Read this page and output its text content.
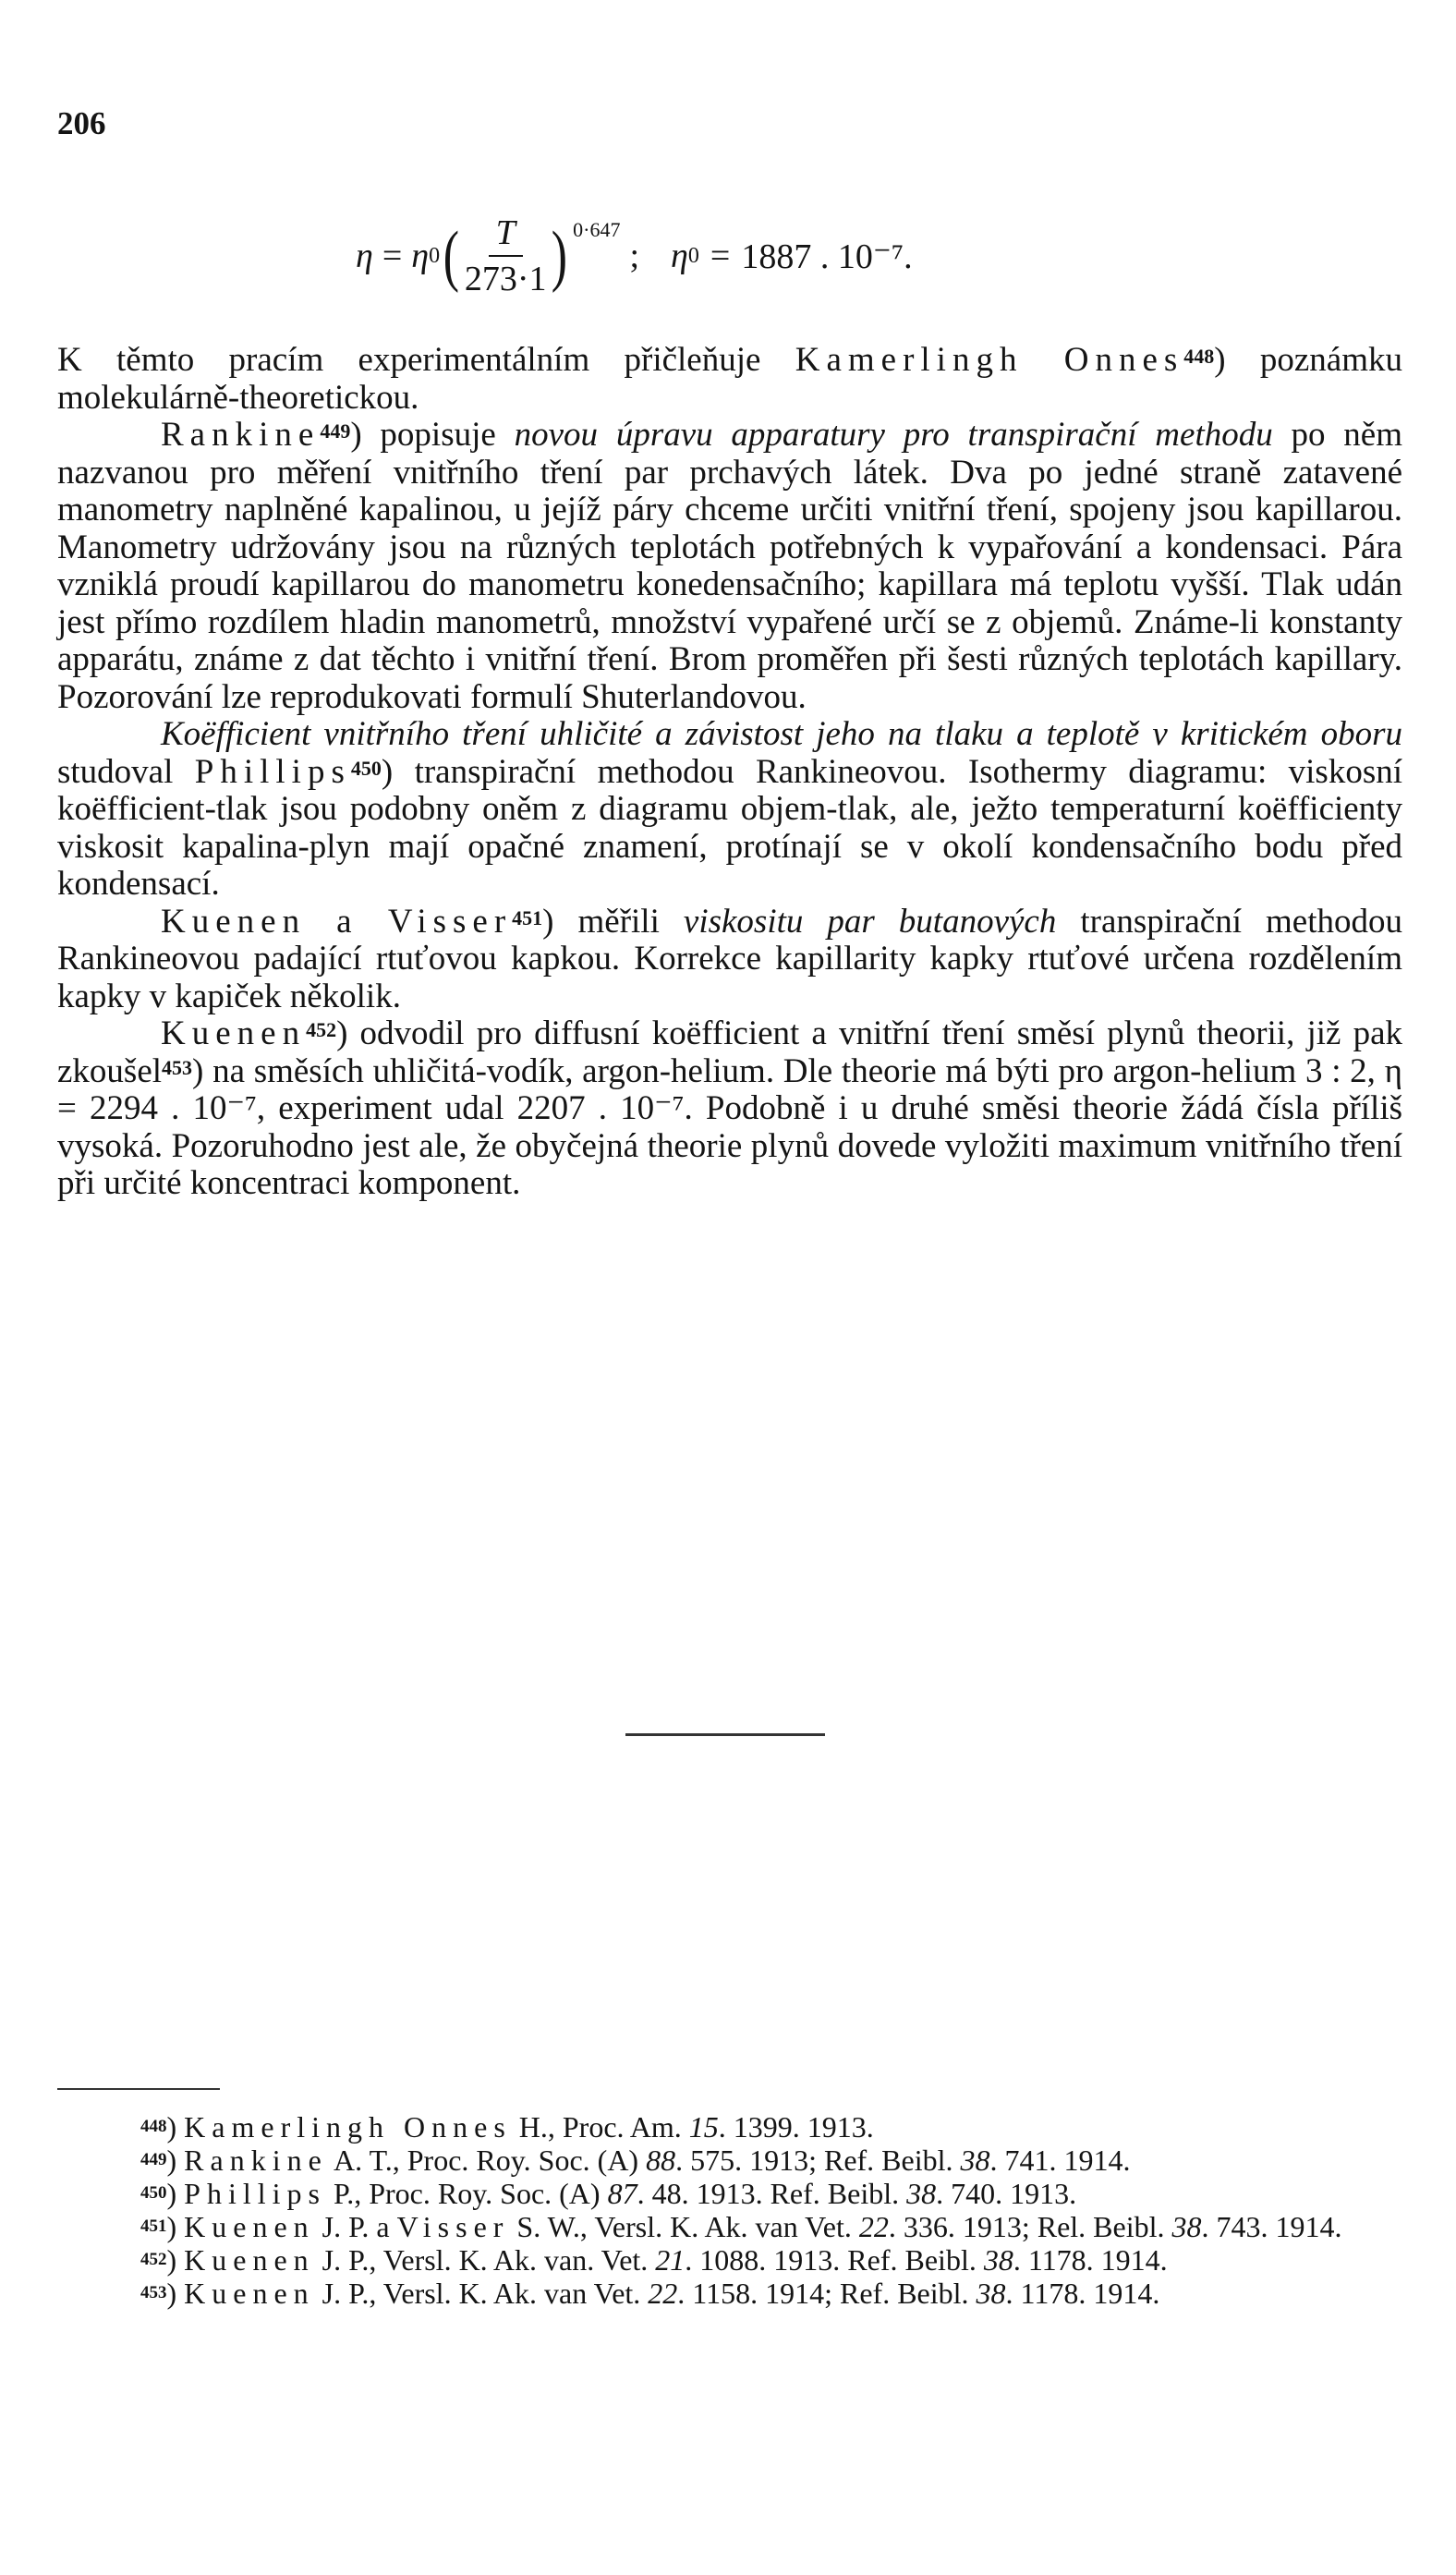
206
η = η 0 ( $\frac{T}{273\cdot 1}$ ) 0·647
; η 0 = 1887 . 10⁻⁷.

K těmto pracím experimentálním přičleňuje Kamerlingh Onnes$^{448}$) poznámku molekulárně-theoretickou.

Rankine$^{449}$) popisuje novou úpravu apparatury pro transpirační methodu po něm nazvanou pro měření vnitřního tření par prchavých látek. Dva po jedné straně zatavené manometry naplněné kapalinou, u jejíž páry chceme určiti vnitřní tření, spojeny jsou kapillarou. Manometry udržovány jsou na různých teplotách potřebných k vypařování a kondensaci. Pára vzniklá proudí kapillarou do manometru konedensačního; kapillara má teplotu vyšší. Tlak udán jest přímo rozdílem hladin manometrů, množství vypařené určí se z objemů. Známe-li konstanty apparátu, známe z dat těchto i vnitřní tření. Brom proměřen při šesti různých teplotách kapillary. Pozorování lze reprodukovati formulí Shuterlandovou.

Koëfficient vnitřního tření uhličité a závistost jeho na tlaku a teplotě v kritickém oboru studoval Phillips$^{450}$) transpirační methodou Rankineovou. Isothermy diagramu: viskosní koëfficient-tlak jsou podobny oněm z diagramu objem-tlak, ale, ježto temperaturní koëfficienty viskosit kapalina-plyn mají opačné znamení, protínají se v okolí kondensačního bodu před kondensací.

Kuenen a Visser$^{451}$) měřili viskositu par butanových transpirační methodou Rankineovou padající rtuťovou kapkou. Korrekce kapillarity kapky rtuťové určena rozdělením kapky v kapiček několik.

Kuenen$^{452}$) odvodil pro diffusní koëfficient a vnitřní tření směsí plynů theorii, již pak zkoušel$^{453}$) na směsích uhličitá-vodík, argon-helium. Dle theorie má býti pro argon-helium 3 : 2, η = 2294 . 10⁻⁷, experiment udal 2207 . 10⁻⁷. Podobně i u druhé směsi theorie žádá čísla příliš vysoká. Pozoruhodno jest ale, že obyčejná theorie plynů dovede vyložiti maximum vnitřního tření při určité koncentraci komponent.

$^{448}$) Kamerlingh Onnes H., Proc. Am. 15. 1399. 1913.

$^{449}$) Rankine A. T., Proc. Roy. Soc. (A) 88. 575. 1913; Ref. Beibl. 38. 741. 1914.

$^{450}$) Phillips P., Proc. Roy. Soc. (A) 87. 48. 1913. Ref. Beibl. 38. 740. 1913.

$^{451}$) Kuenen J. P. a Visser S. W., Versl. K. Ak. van Vet. 22. 336. 1913; Rel. Beibl. 38. 743. 1914.

$^{452}$) Kuenen J. P., Versl. K. Ak. van. Vet. 21. 1088. 1913. Ref. Beibl. 38. 1178. 1914.

$^{453}$) Kuenen J. P., Versl. K. Ak. van Vet. 22. 1158. 1914; Ref. Beibl. 38. 1178. 1914.
